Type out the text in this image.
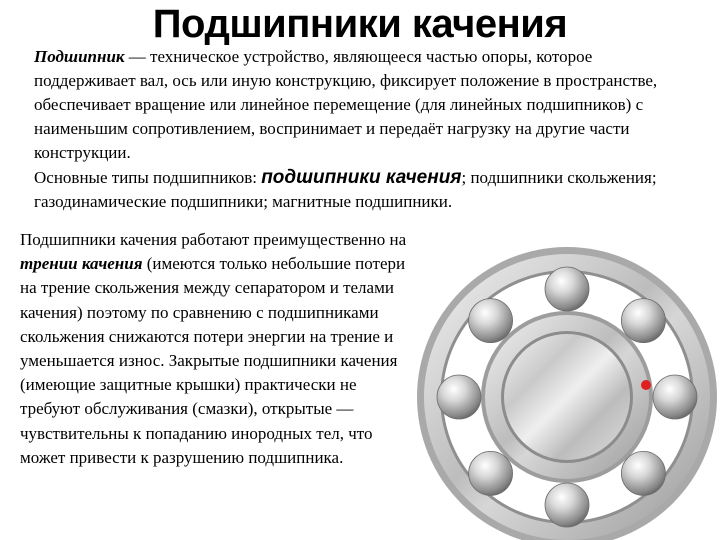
Подшипники качения
Подшипник — техническое устройство, являющееся частью опоры, которое поддерживает вал, ось или иную конструкцию, фиксирует положение в пространстве, обеспечивает вращение или линейное перемещение (для линейных подшипников) с наименьшим сопротивлением, воспринимает и передаёт нагрузку на другие части конструкции.
Основные типы подшипников: подшипники качения; подшипники скольжения; газодинамические подшипники; магнитные подшипники.
Подшипники качения работают преимущественно на трении качения (имеются только небольшие потери на трение скольжения между сепаратором и телами качения) поэтому по сравнению с подшипниками скольжения снижаются потери энергии на трение и уменьшается износ. Закрытые подшипники качения (имеющие защитные крышки) практически не требуют обслуживания (смазки), открытые — чувствительны к попаданию инородных тел, что может привести к разрушению подшипника.
